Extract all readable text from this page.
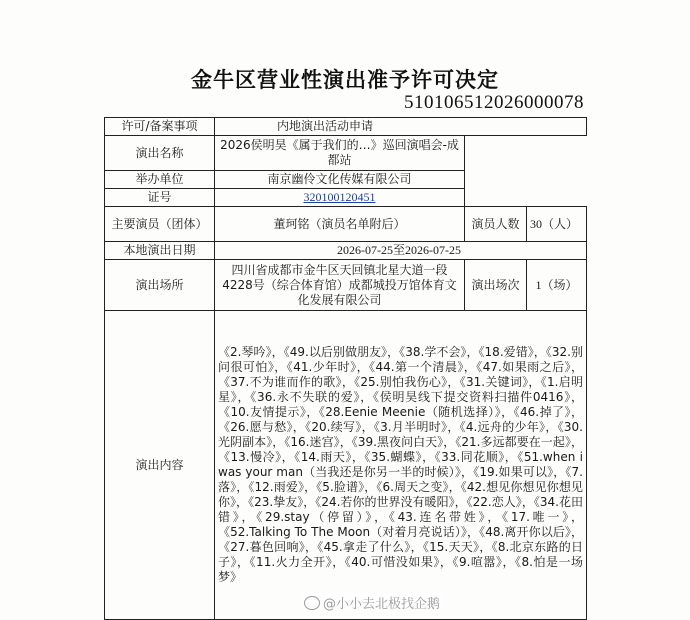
金牛区营业性演出准予许可决定
510106512026000078
许可/备案事项	内地演出活动申请		
演出名称	2026侯明昊《属于我们的…》巡回演唱会-成都站		
举办单位	南京幽伶文化传媒有限公司		
证号	320100120451		
主要演员（团体）	董珂铭（演员名单附后）	演员人数	30（人）
本地演出日期	2026-07-25至2026-07-25		
演出场所	四川省成都市金牛区天回镇北星大道一段4228号（综合体育馆）成都城投万馆体育文化发展有限公司	演出场次	1（场）
演出内容	《2.琴吟》，《49.以后别做朋友》，《38.学不会》，《18.爱错》，《32.别问很可怕》，《41.少年时》，《44.第一个清晨》，《47.如果雨之后》，《37.不为谁而作的歌》，《25.别怕我伤心》，《31.关键词》，《1.启明星》，《36.永不失联的爱》，《侯明昊线下提交资料扫描件0416》，《10.友情提示》，《28.Eenie Meenie（随机选择）》，《46.掉了》，《26.愿与愁》，《20.续写》，《3.月半明时》，《4.远舟的少年》，《30.光阴副本》，《16.迷宫》，《39.黑夜问白天》，《21.多远都要在一起》，《13.慢冷》，《14.雨天》，《35.蝴蝶》，《33.同花顺》，《51.when i was your man（当我还是你另一半的时候）》，《19.如果可以》，《7.落》，《12.雨爱》，《5.脸谱》，《6.周天之变》，《42.想见你想见你想见你》，《23.挚友》，《24.若你的世界没有暖阳》，《22.恋人》，《34.花田错》，《29.stay（停留）》，《43.连名带姓》，《17.唯一》，《52.Talking To The Moon（对着月亮说话）》，《48.离开你以后》，《27.暮色回响》，《45.拿走了什么》，《15.天天》，《8.北京东路的日子》，《11.火力全开》，《40.可惜没如果》，《9.喧嚣》，《8.怕是一场梦》		
@小小去北极找企鹅
